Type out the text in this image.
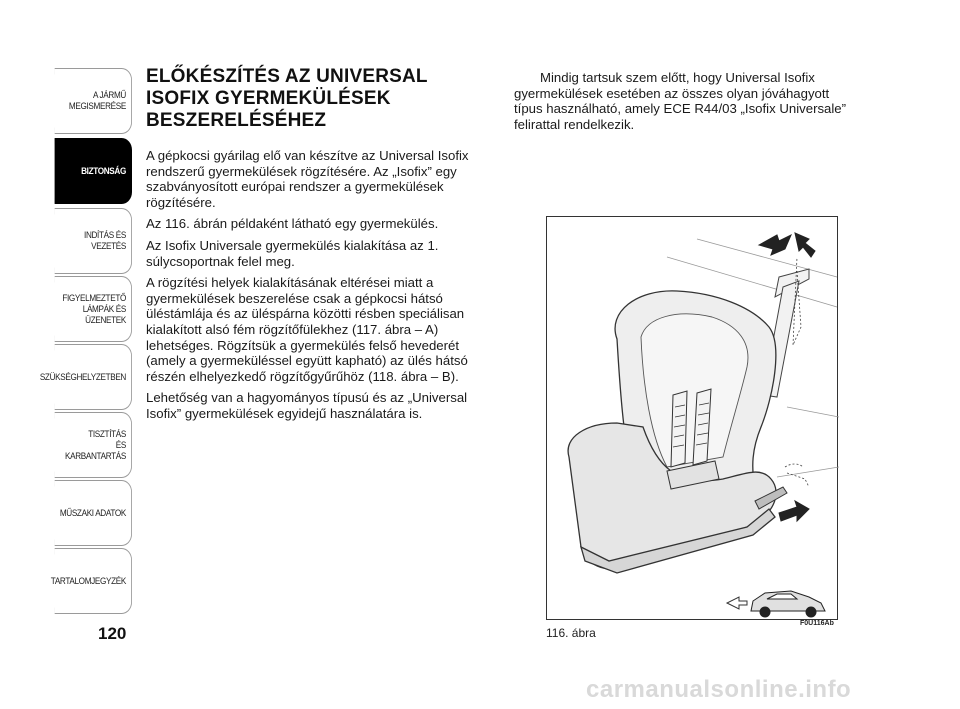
A JÁRMŰ
MEGISMERÉSE
BIZTONSÁG
INDÍTÁS ÉS VEZETÉS
FIGYELMEZTETŐ
LÁMPÁK ÉS
ÜZENETEK
SZÜKSÉGHELYZETBEN
TISZTÍTÁS
ÉS KARBANTARTÁS
MŰSZAKI ADATOK
TARTALOMJEGYZÉK
120
ELŐKÉSZÍTÉS AZ UNIVERSAL ISOFIX GYERMEKÜLÉSEK BESZERELÉSÉHEZ

A gépkocsi gyárilag elő van készítve az Universal Isofix rendszerű gyermekülések rögzítésére. Az „Isofix” egy szabványosított európai rendszer a gyermekülések rögzítésére.

Az 116. ábrán példaként látható egy gyermekülés.

Az Isofix Universale gyermekülés kialakítása az 1. súlycsoportnak felel meg.

A rögzítési helyek kialakításának eltérései miatt a gyermekülések beszerelése csak a gépkocsi hátsó üléstámlája és az üléspárna közötti résben speciálisan kialakított alsó fém rögzítőfülekhez (117. ábra – A) lehetséges. Rögzítsük a gyermekülés felső hevederét (amely a gyermeküléssel együtt kapható) az ülés hátsó részén elhelyezkedő rögzítőgyűrűhöz (118. ábra – B).

Lehetőség van a hagyományos típusú és az „Universal Isofix” gyermekülések egyidejű használatára is.

Mindig tartsuk szem előtt, hogy Universal Isofix gyermekülések esetében az összes olyan jóváhagyott típus használható, amely ECE R44/03 „Isofix Universale” felirattal rendelkezik.

F0U116Ab
116. ábra
carmanualsonline.info
